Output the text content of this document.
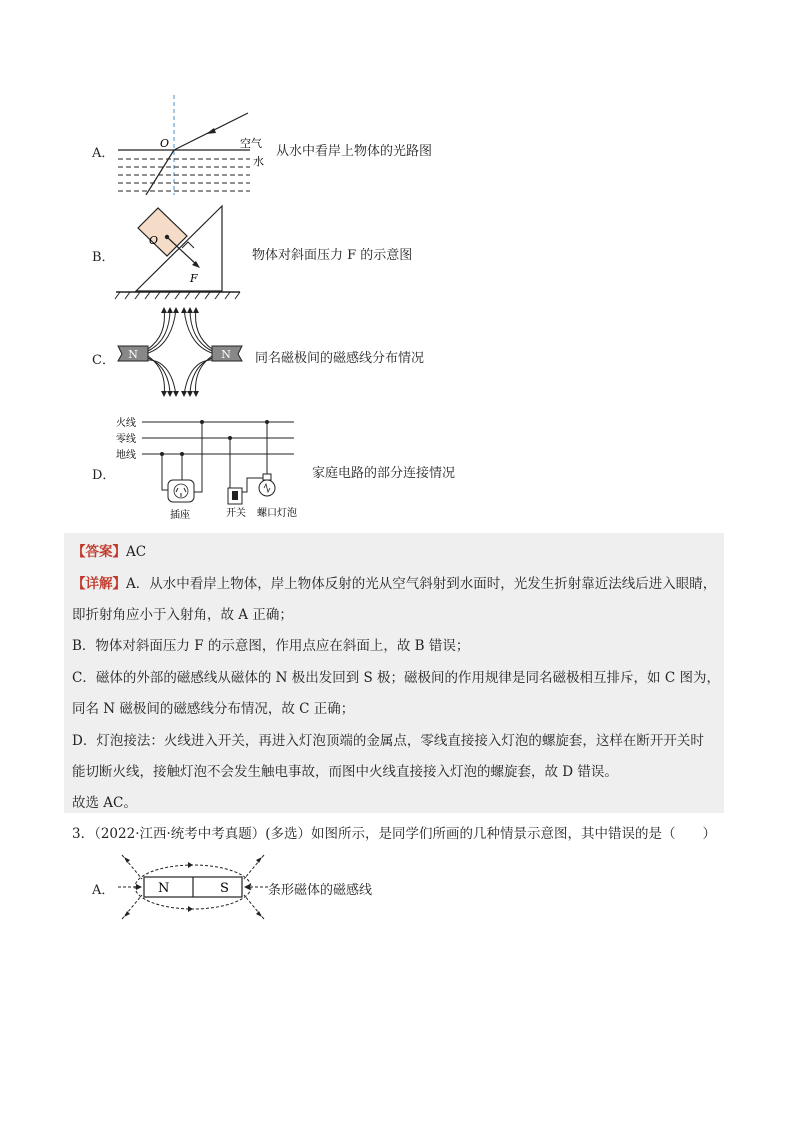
A．
O	空气
水
从水中看岸上物体的光路图
B．
O
F
物体对斜面压力 F 的示意图
C． N	N 同名磁极间的磁感线分布情况
D．
火线
零线
地线
插座	开关 螺口灯泡
家庭电路的部分连接情况
【答案】AC
【详解】A．从水中看岸上物体，岸上物体反射的光从空气斜射到水面时，光发生折射靠近法线后进入眼睛，
即折射角应小于入射角，故 A 正确；
B．物体对斜面压力 F 的示意图，作用点应在斜面上，故 B 错误；
C．磁体的外部的磁感线从磁体的 N 极出发回到 S 极；磁极间的作用规律是同名磁极相互排斥，如 C 图为，
同名 N 磁极间的磁感线分布情况，故 C 正确；
D．灯泡接法：火线进入开关，再进入灯泡顶端的金属点，零线直接接入灯泡的螺旋套，这样在断开开关时
能切断火线，接触灯泡不会发生触电事故，而图中火线直接接入灯泡的螺旋套，故 D 错误。
故选 AC。
3．（2022·江西·统考中考真题）(多选）如图所示，是同学们所画的几种情景示意图，其中错误的是（　　）
A．	N	S	条形磁体的磁感线
